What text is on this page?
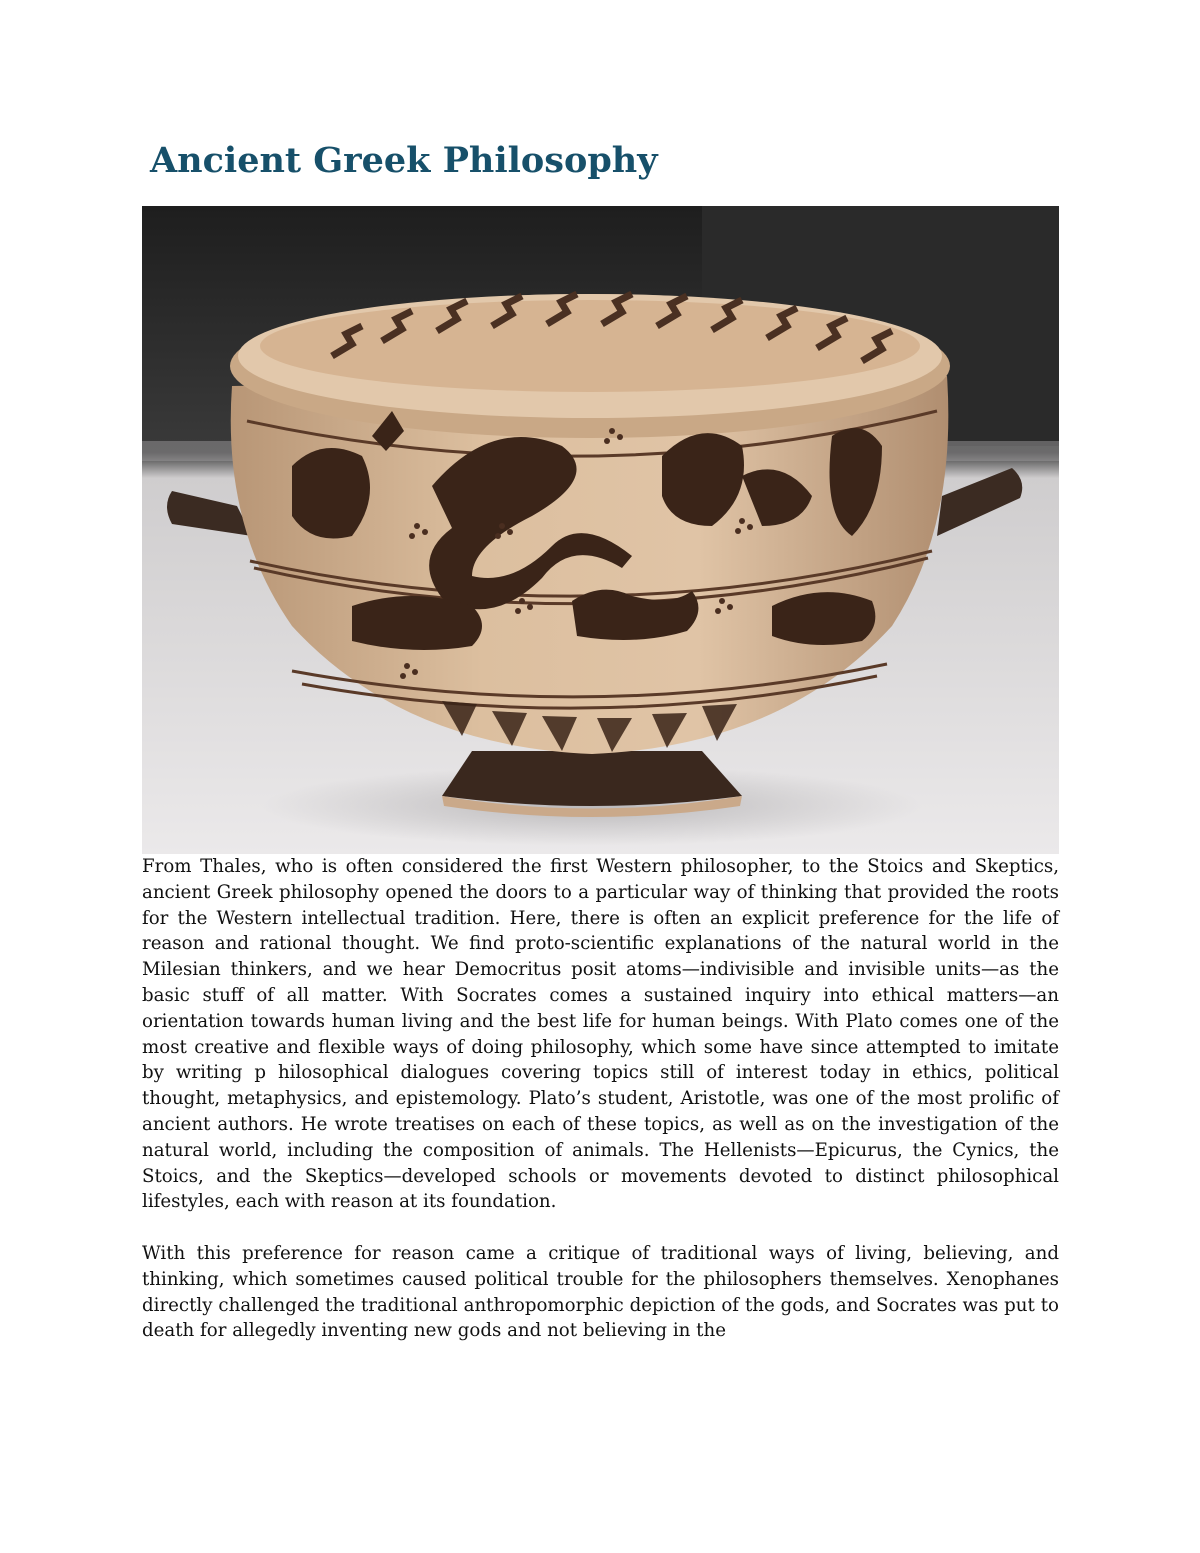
Ancient Greek Philosophy

From Thales, who is often considered the first Western philosopher, to the Stoics and Skeptics, ancient Greek philosophy opened the doors to a particular way of thinking that provided the roots for the Western intellectual tradition. Here, there is often an explicit preference for the life of reason and rational thought. We find proto-scientific explanations of the natural world in the Milesian thinkers, and we hear Democritus posit atoms—indivisible and invisible units—as the basic stuff of all matter. With Socrates comes a sustained inquiry into ethical matters—an orientation towards human living and the best life for human beings. With Plato comes one of the most creative and flexible ways of doing philosophy, which some have since attempted to imitate by writing p hilosophical dialogues covering topics still of interest today in ethics, political thought, metaphysics, and epistemology. Plato’s student, Aristotle, was one of the most prolific of ancient authors. He wrote treatises on each of these topics, as well as on the investigation of the natural world, including the composition of animals. The Hellenists—Epicurus, the Cynics, the Stoics, and the Skeptics—developed schools or movements devoted to distinct philosophical lifestyles, each with reason at its foundation.

With this preference for reason came a critique of traditional ways of living, believing, and thinking, which sometimes caused political trouble for the philosophers themselves. Xenophanes directly challenged the traditional anthropomorphic depiction of the gods, and Socrates was put to death for allegedly inventing new gods and not believing in the
